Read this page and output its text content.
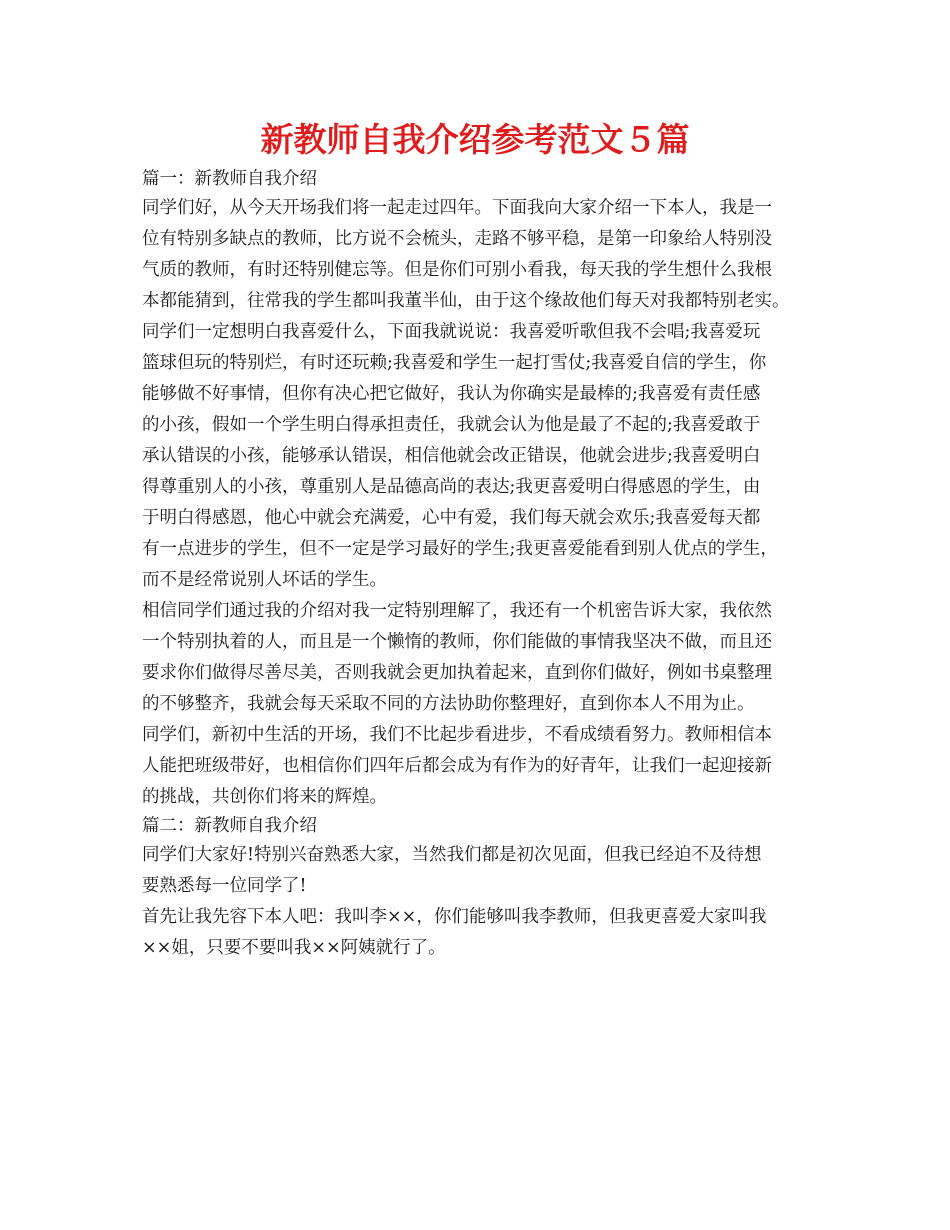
新教师自我介绍参考范文５篇
篇一：新教师自我介绍
同学们好，从今天开场我们将一起走过四年。下面我向大家介绍一下本人，我是一
位有特别多缺点的教师，比方说不会梳头，走路不够平稳，是第一印象给人特别没
气质的教师，有时还特别健忘等。但是你们可别小看我，每天我的学生想什么我根
本都能猜到，往常我的学生都叫我董半仙，由于这个缘故他们每天对我都特别老实。
同学们一定想明白我喜爱什么，下面我就说说：我喜爱听歌但我不会唱;我喜爱玩
篮球但玩的特别烂，有时还玩赖;我喜爱和学生一起打雪仗;我喜爱自信的学生，你
能够做不好事情，但你有决心把它做好，我认为你确实是最棒的;我喜爱有责任感
的小孩，假如一个学生明白得承担责任，我就会认为他是最了不起的;我喜爱敢于
承认错误的小孩，能够承认错误，相信他就会改正错误，他就会进步;我喜爱明白
得尊重别人的小孩，尊重别人是品德高尚的表达;我更喜爱明白得感恩的学生，由
于明白得感恩，他心中就会充满爱，心中有爱，我们每天就会欢乐;我喜爱每天都
有一点进步的学生，但不一定是学习最好的学生;我更喜爱能看到别人优点的学生，
而不是经常说别人坏话的学生。
相信同学们通过我的介绍对我一定特别理解了，我还有一个机密告诉大家，我依然
一个特别执着的人，而且是一个懒惰的教师，你们能做的事情我坚决不做，而且还
要求你们做得尽善尽美，否则我就会更加执着起来，直到你们做好，例如书桌整理
的不够整齐，我就会每天采取不同的方法协助你整理好，直到你本人不用为止。
同学们，新初中生活的开场，我们不比起步看进步，不看成绩看努力。教师相信本
人能把班级带好，也相信你们四年后都会成为有作为的好青年，让我们一起迎接新
的挑战，共创你们将来的辉煌。
篇二：新教师自我介绍
同学们大家好!特别兴奋熟悉大家，当然我们都是初次见面，但我已经迫不及待想
要熟悉每一位同学了!
首先让我先容下本人吧：我叫李××，你们能够叫我李教师，但我更喜爱大家叫我
××姐，只要不要叫我××阿姨就行了。
